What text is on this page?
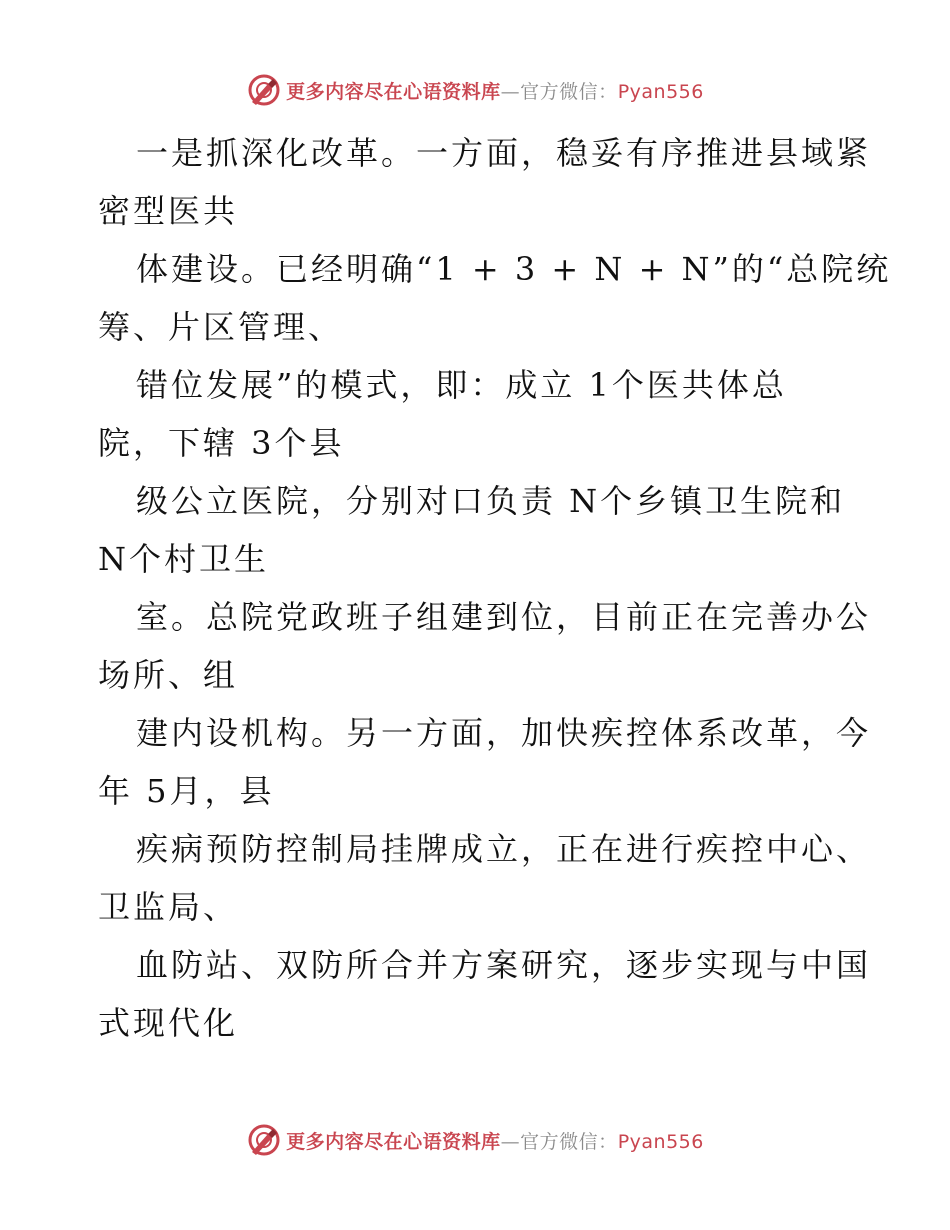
更多内容尽在心语资料库—官方微信：Pyan556
一是抓深化改革。一方面，稳妥有序推进县域紧
密型医共
体建设。已经明确“1 + 3 + N + N”的“总院统
筹、片区管理、
错位发展”的模式，即：成立 1个医共体总
院，下辖 3个县
级公立医院，分别对口负责 N个乡镇卫生院和
N个村卫生
室。总院党政班子组建到位，目前正在完善办公
场所、组
建内设机构。另一方面，加快疾控体系改革，今
年 5月，县
疾病预防控制局挂牌成立，正在进行疾控中心、
卫监局、
血防站、双防所合并方案研究，逐步实现与中国
式现代化
更多内容尽在心语资料库—官方微信：Pyan556
